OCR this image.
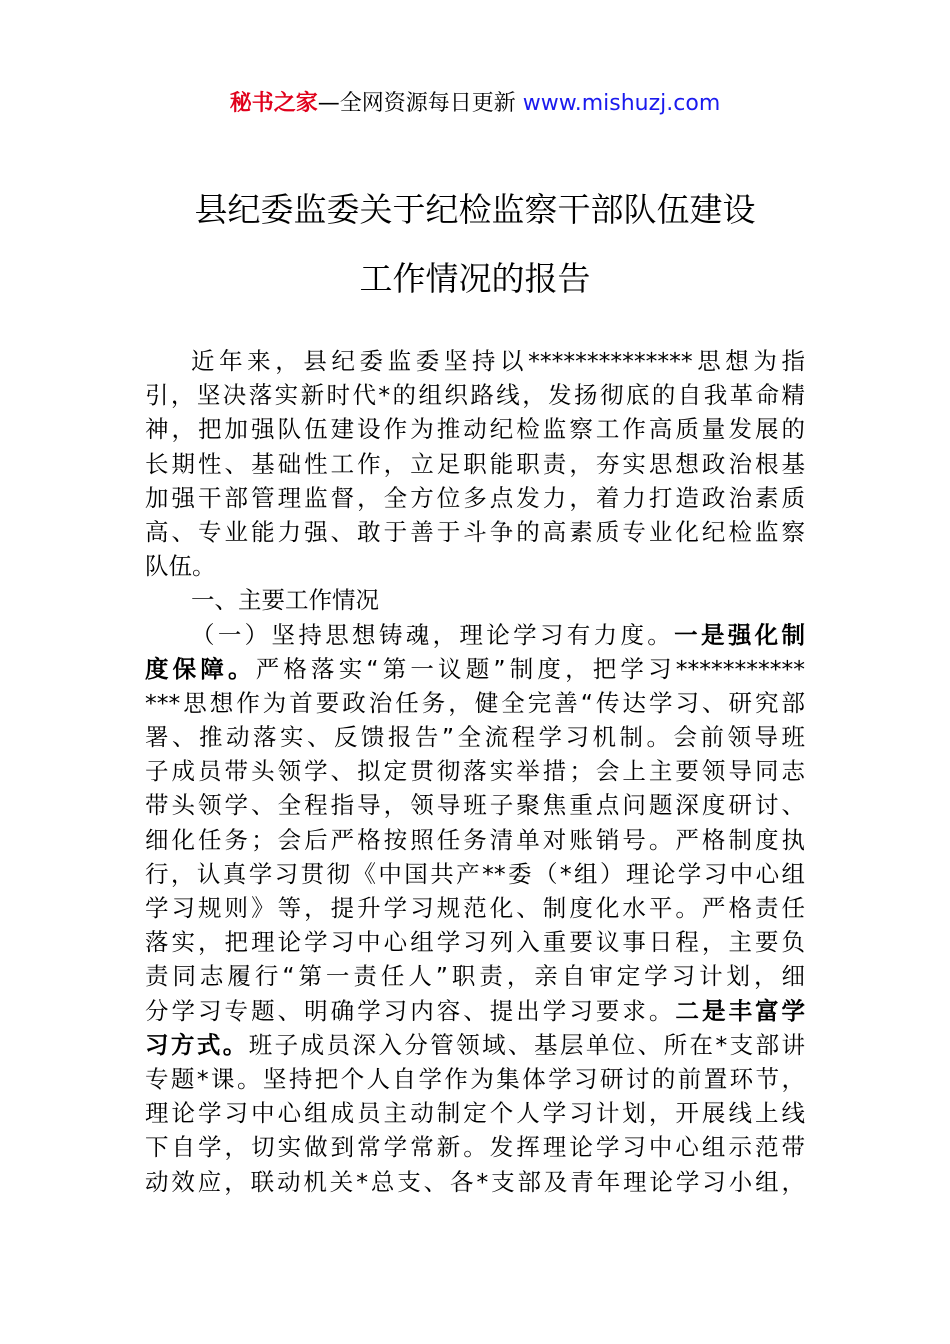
秘书之家—全网资源每日更新 www.mishuzj.com
县纪委监委关于纪检监察干部队伍建设
工作情况的报告
近年来，县纪委监委坚持以**************思想为指
引，坚决落实新时代*的组织路线，发扬彻底的自我革命精
神，把加强队伍建设作为推动纪检监察工作高质量发展的
长期性、基础性工作，立足职能职责，夯实思想政治根基
加强干部管理监督，全方位多点发力，着力打造政治素质
高、专业能力强、敢于善于斗争的高素质专业化纪检监察
队伍。
一、主要工作情况
（一）坚持思想铸魂，理论学习有力度。一是强化制
度保障。严格落实“第一议题”制度，把学习***********
***思想作为首要政治任务，健全完善“传达学习、研究部
署、推动落实、反馈报告”全流程学习机制。会前领导班
子成员带头领学、拟定贯彻落实举措；会上主要领导同志
带头领学、全程指导，领导班子聚焦重点问题深度研讨、
细化任务；会后严格按照任务清单对账销号。严格制度执
行，认真学习贯彻《中国共产**委（*组）理论学习中心组
学习规则》等，提升学习规范化、制度化水平。严格责任
落实，把理论学习中心组学习列入重要议事日程，主要负
责同志履行“第一责任人”职责，亲自审定学习计划，细
分学习专题、明确学习内容、提出学习要求。二是丰富学
习方式。班子成员深入分管领域、基层单位、所在*支部讲
专题*课。坚持把个人自学作为集体学习研讨的前置环节，
理论学习中心组成员主动制定个人学习计划，开展线上线
下自学，切实做到常学常新。发挥理论学习中心组示范带
动效应，联动机关*总支、各*支部及青年理论学习小组，
